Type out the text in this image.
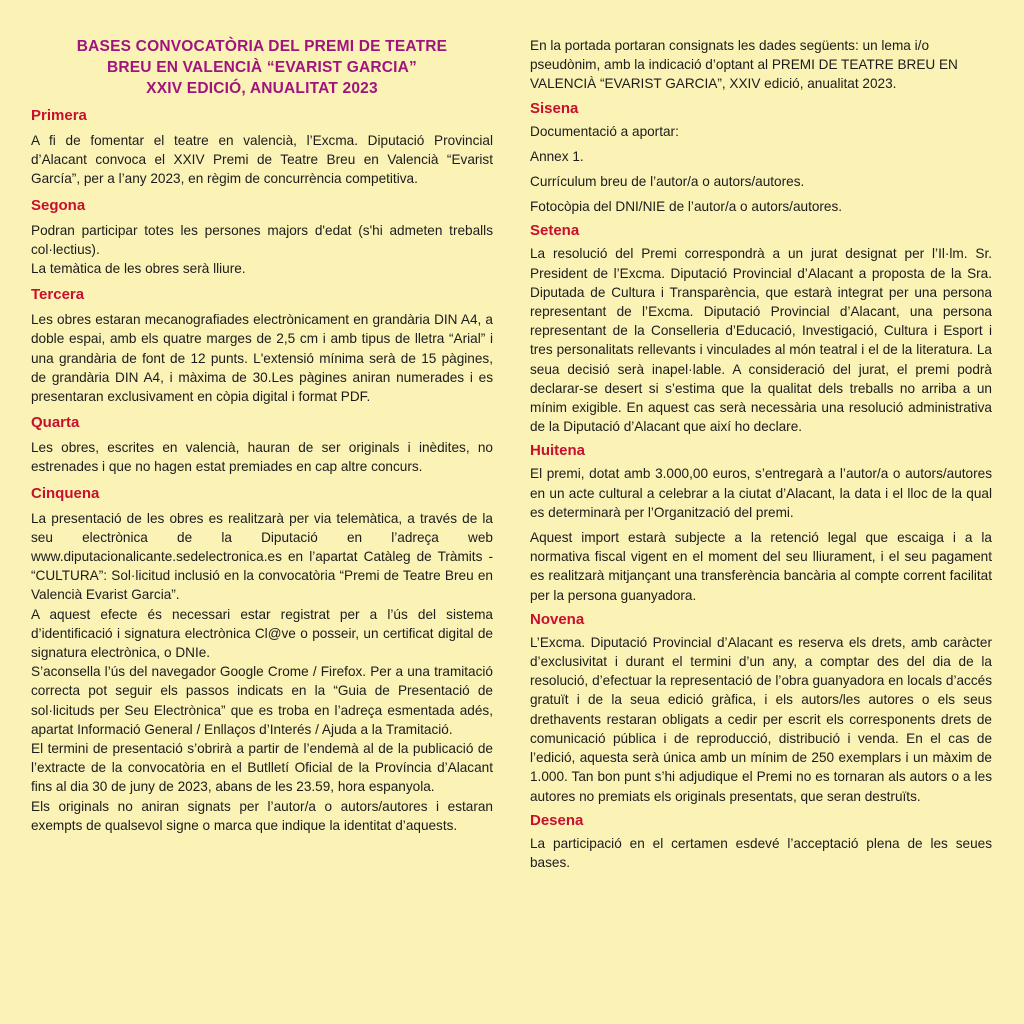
BASES CONVOCATÒRIA DEL PREMI DE TEATRE
BREU EN VALENCIÀ “EVARIST GARCIA”
XXIV EDICIÓ, ANUALITAT 2023
Primera

A fi de fomentar el teatre en valencià, l’Excma. Diputació Provincial d’Alacant convoca el XXIV Premi de Teatre Breu en Valencià “Evarist García”, per a l’any 2023, en règim de concurrència competitiva.

Segona

Podran participar totes les persones majors d'edat (s'hi admeten treballs col·lectius).

La temàtica de les obres serà lliure.

Tercera

Les obres estaran mecanografiades electrònicament en grandària DIN A4, a doble espai, amb els quatre marges de 2,5 cm i amb tipus de lletra “Arial” i una grandària de font de 12 punts. L'extensió mínima serà de 15 pàgines, de grandària DIN A4, i màxima de 30.Les pàgines aniran numerades i es presentaran exclusivament en còpia digital i format PDF.

Quarta

Les obres, escrites en valencià, hauran de ser originals i inèdites, no estrenades i que no hagen estat premiades en cap altre concurs.

Cinquena

La presentació de les obres es realitzarà per via telemàtica, a través de la seu electrònica de la Diputació en l’adreça web www.diputacionalicante.sedelectronica.es en l’apartat Catàleg de Tràmits - “CULTURA”: Sol·licitud inclusió en la convocatòria “Premi de Teatre Breu en Valencià Evarist Garcia”.

A aquest efecte és necessari estar registrat per a l’ús del sistema d’identificació i signatura electrònica Cl@ve o posseir, un certificat digital de signatura electrònica, o DNIe.

S’aconsella l’ús del navegador Google Crome / Firefox. Per a una tramitació correcta pot seguir els passos indicats en la “Guia de Presentació de sol·licituds per Seu Electrònica” que es troba en l’adreça esmentada adés, apartat Informació General / Enllaços d’Interés / Ajuda a la Tramitació.

El termini de presentació s’obrirà a partir de l’endemà al de la publicació de l’extracte de la convocatòria en el Butlletí Oficial de la Província d’Alacant fins al dia 30 de juny de 2023, abans de les 23.59, hora espanyola.

Els originals no aniran signats per l’autor/a o autors/autores i estaran exempts de qualsevol signe o marca que indique la identitat d’aquests.

En la portada portaran consignats les dades següents: un lema i/o pseudònim, amb la indicació d’optant al PREMI DE TEATRE BREU EN VALENCIÀ “EVARIST GARCIA”, XXIV edició, anualitat 2023.

Sisena

Documentació a aportar:

Annex 1.

Currículum breu de l’autor/a o autors/autores.

Fotocòpia del DNI/NIE de l’autor/a o autors/autores.

Setena

La resolució del Premi correspondrà a un jurat designat per l’Il·lm. Sr. President de l’Excma. Diputació Provincial d’Alacant a proposta de la Sra. Diputada de Cultura i Transparència, que estarà integrat per una persona representant de l’Excma. Diputació Provincial d’Alacant, una persona representant de la Conselleria d’Educació, Investigació, Cultura i Esport i tres personalitats rellevants i vinculades al món teatral i el de la literatura. La seua decisió serà inapel·lable. A consideració del jurat, el premi podrà declarar-se desert si s’estima que la qualitat dels treballs no arriba a un mínim exigible. En aquest cas serà necessària una resolució administrativa de la Diputació d’Alacant que així ho declare.

Huitena

El premi, dotat amb 3.000,00 euros, s’entregarà a l’autor/a o autors/autores en un acte cultural a celebrar a la ciutat d’Alacant, la data i el lloc de la qual es determinarà per l’Organització del premi.

Aquest import estarà subjecte a la retenció legal que escaiga i a la normativa fiscal vigent en el moment del seu lliurament, i el seu pagament es realitzarà mitjançant una transferència bancària al compte corrent facilitat per la persona guanyadora.

Novena

L’Excma. Diputació Provincial d’Alacant es reserva els drets, amb caràcter d’exclusivitat i durant el termini d’un any, a comptar des del dia de la resolució, d’efectuar la representació de l’obra guanyadora en locals d’accés gratuït i de la seua edició gràfica, i els autors/les autores o els seus drethavents restaran obligats a cedir per escrit els corresponents drets de comunicació pública i de reproducció, distribució i venda. En el cas de l’edició, aquesta serà única amb un mínim de 250 exemplars i un màxim de 1.000. Tan bon punt s’hi adjudique el Premi no es tornaran als autors o a les autores no premiats els originals presentats, que seran destruïts.

Desena

La participació en el certamen esdevé l’acceptació plena de les seues bases.
